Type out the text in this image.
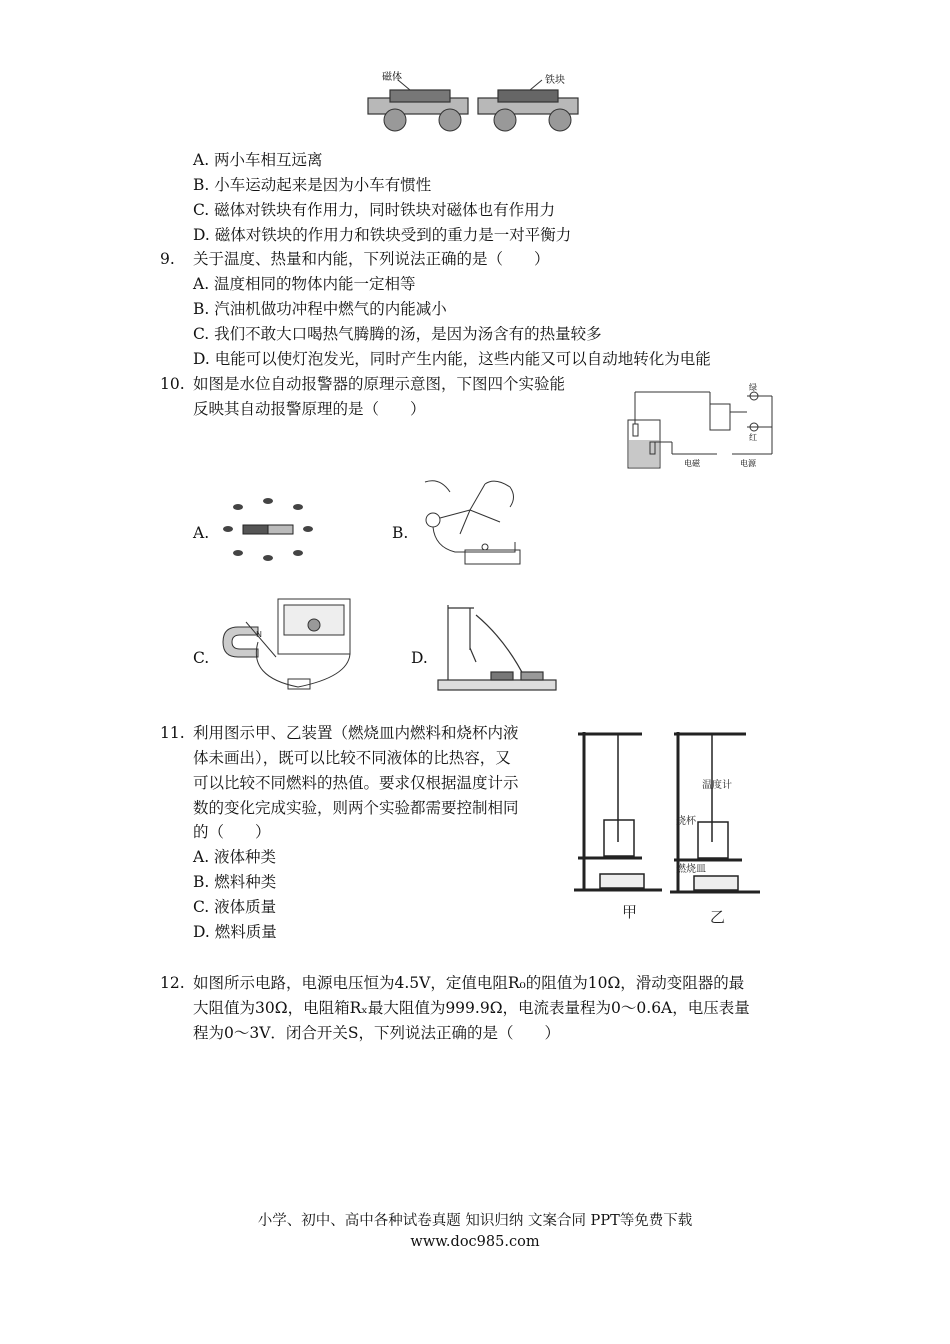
磁体	铁块
A. 两小车相互远离
B. 小车运动起来是因为小车有惯性
C. 磁体对铁块有作用力，同时铁块对磁体也有作用力
D. 磁体对铁块的作用力和铁块受到的重力是一对平衡力
9. 关于温度、热量和内能，下列说法正确的是（　　）
A. 温度相同的物体内能一定相等
B. 汽油机做功冲程中燃气的内能减小
C. 我们不敢大口喝热气腾腾的汤，是因为汤含有的热量较多
D. 电能可以使灯泡发光，同时产生内能，这些内能又可以自动地转化为电能
10. 如图是水位自动报警器的原理示意图，下图四个实验能
反映其自动报警原理的是（　　）
绿
红
电磁	电源
A.	B.
C.
N
D.
11. 利用图示甲、乙装置（燃烧皿内燃料和烧杯内液
体未画出），既可以比较不同液体的比热容，又
可以比较不同燃料的热值。要求仅根据温度计示
数的变化完成实验，则两个实验都需要控制相同
的（　　）
A. 液体种类
B. 燃料种类
C. 液体质量
D. 燃料质量
温度计
烧杯
燃烧皿
甲	乙
12. 如图所示电路，电源电压恒为4.5V，定值电阻R₀的阻值为10Ω，滑动变阻器的最
大阻值为30Ω，电阻箱Rₓ最大阻值为999.9Ω，电流表量程为0～0.6A，电压表量
程为0～3V．闭合开关S，下列说法正确的是（　　）
小学、初中、高中各种试卷真题 知识归纳 文案合同 PPT等免费下载
www.doc985.com
